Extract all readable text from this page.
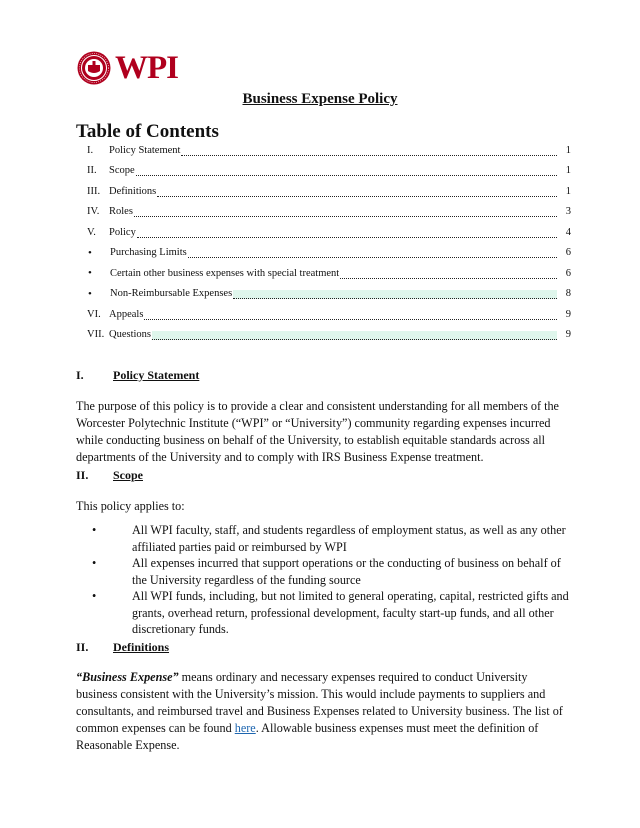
WPI
Business Expense Policy
Table of Contents
I.	Policy Statement	1
II.	Scope	1
III. Definitions	1
IV. Roles	3
V.	Policy	4
•	Purchasing Limits	6
•	Certain other business expenses with special treatment	6
•	Non-Reimbursable Expenses	8
VI. Appeals	9
VII. Questions	9
I. Policy Statement
The purpose of this policy is to provide a clear and consistent understanding for all members of the Worcester Polytechnic Institute (“WPI” or “University”) community regarding expenses incurred while conducting business on behalf of the University, to establish equitable standards across all departments of the University and to comply with IRS Business Expense treatment.
II. Scope
This policy applies to:
•	All WPI faculty, staff, and students regardless of employment status, as well as any other affiliated parties paid or reimbursed by WPI
•	All expenses incurred that support operations or the conducting of business on behalf of the University regardless of the funding source
•	All WPI funds, including, but not limited to general operating, capital, restricted gifts and grants, overhead return, professional development, faculty start-up funds, and all other discretionary funds.
II. Definitions
“Business Expense” means ordinary and necessary expenses required to conduct University business consistent with the University’s mission. This would include payments to suppliers and consultants, and reimbursed travel and Business Expenses related to University business. The list of common expenses can be found here. Allowable business expenses must meet the definition of Reasonable Expense.
